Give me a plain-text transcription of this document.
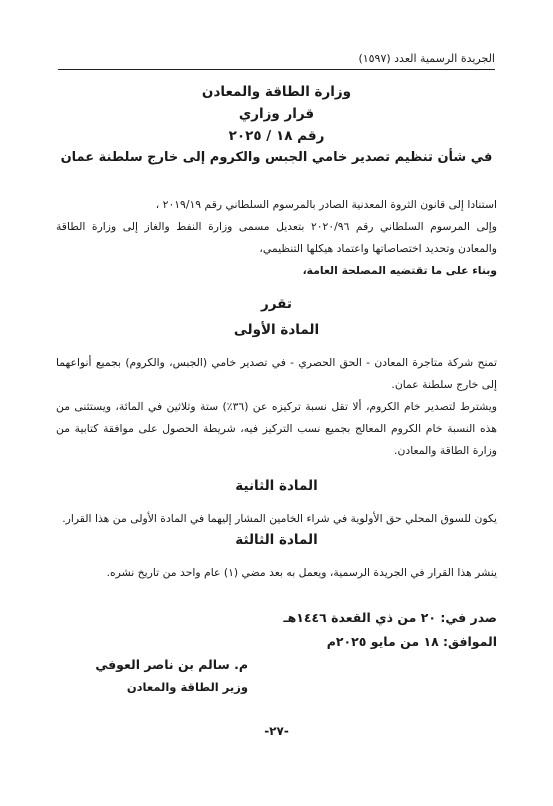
الجريدة الرسمية العدد (١٥٩٧)
وزارة الطاقة والمعادن
قرار وزاري
رقم ١٨ / ٢٠٢٥
في شأن تنظيم تصدير خامي الجبس والكروم إلى خارج سلطنة عمان

استنادا إلى قانون الثروة المعدنية الصادر بالمرسوم السلطاني رقم ٢٠١٩/١٩ ،

وإلى المرسوم السلطاني رقم ٢٠٢٠/٩٦ بتعديل مسمى وزارة النفط والغاز إلى وزارة الطاقة والمعادن وتحديد اختصاصاتها واعتماد هيكلها التنظيمي،

وبناء على ما تقتضيه المصلحة العامة،

تقرر
المادة الأولى

تمنح شركة متاجرة المعادن - الحق الحصري - في تصدير خامي (الجبس، والكروم) بجميع أنواعهما إلى خارج سلطنة عمان.

ويشترط لتصدير خام الكروم، ألا تقل نسبة تركيزه عن (٣٦٪) ستة وثلاثين في المائة، ويستثنى من هذه النسبة خام الكروم المعالج بجميع نسب التركيز فيه، شريطة الحصول على موافقة كتابية من وزارة الطاقة والمعادن.

المادة الثانية
يكون للسوق المحلي حق الأولوية في شراء الخامين المشار إليهما في المادة الأولى من هذا القرار.
المادة الثالثة
ينشر هذا القرار في الجريدة الرسمية، ويعمل به بعد مضي (١) عام واحد من تاريخ نشره.
صدر في: ٢٠ من ذي القعدة ١٤٤٦هـ
الموافق: ١٨ من مايو ٢٠٢٥م
م. سالم بن ناصر العوفي
وزير الطاقة والمعادن
-٢٧-
